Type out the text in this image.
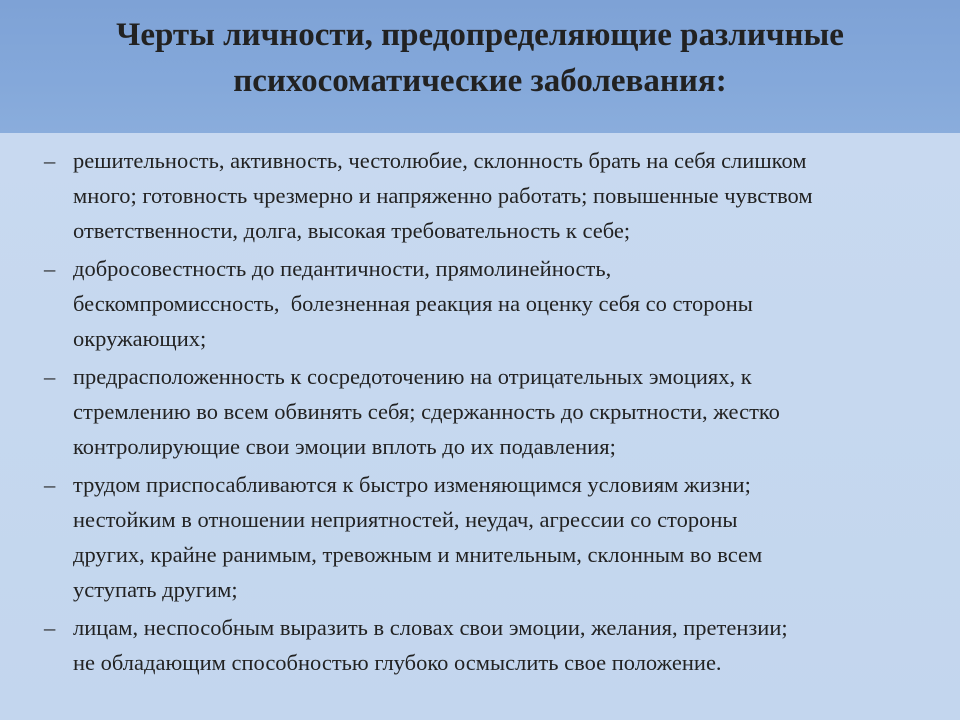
Черты личности, предопределяющие различные
психосоматические заболевания:
– решительность, активность, честолюбие, склонность брать на себя слишком
много; готовность чрезмерно и напряженно работать; повышенные чувством
ответственности, долга, высокая требовательность к себе;
– добросовестность до педантичности, прямолинейность,
бескомпромиссность,  болезненная реакция на оценку себя со стороны
окружающих;
– предрасположенность к сосредоточению на отрицательных эмоциях, к
стремлению во всем обвинять себя; сдержанность до скрытности, жестко
контролирующие свои эмоции вплоть до их подавления;
– трудом приспосабливаются к быстро изменяющимся условиям жизни;
нестойким в отношении неприятностей, неудач, агрессии со стороны
других, крайне ранимым, тревожным и мнительным, склонным во всем
уступать другим;
– лицам, неспособным выразить в словах свои эмоции, желания, претензии;
не обладающим способностью глубоко осмыслить свое положение.
